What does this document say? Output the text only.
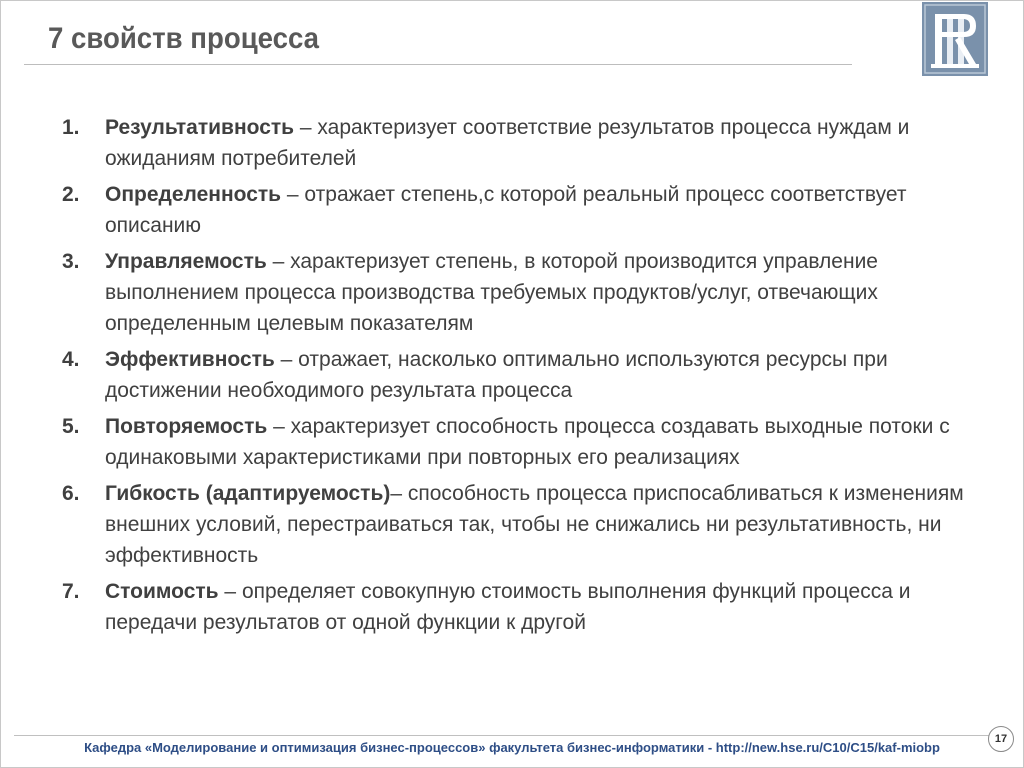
7 свойств процесса
1.	Результативность – характеризует соответствие результатов процесса нуждам и ожиданиям потребителей
2.	Определенность – отражает степень,с которой реальный процесс соответствует описанию
3.	Управляемость – характеризует степень, в которой производится управление выполнением процесса производства требуемых продуктов/услуг, отвечающих определенным целевым показателям
4.	Эффективность – отражает, насколько оптимально используются ресурсы при достижении необходимого результата процесса
5.	Повторяемость – характеризует способность процесса создавать выходные потоки с одинаковыми характеристиками при повторных его реализациях
6.	Гибкость (адаптируемость)– способность процесса приспосабливаться к изменениям внешних условий, перестраиваться так, чтобы не снижались ни результативность, ни эффективность
7.	Стоимость – определяет совокупную стоимость выполнения функций процесса и передачи результатов от одной функции к другой
Кафедра «Моделирование и оптимизация бизнес-процессов» факультета бизнес-информатики - http://new.hse.ru/C10/C15/kaf-miobp
17
